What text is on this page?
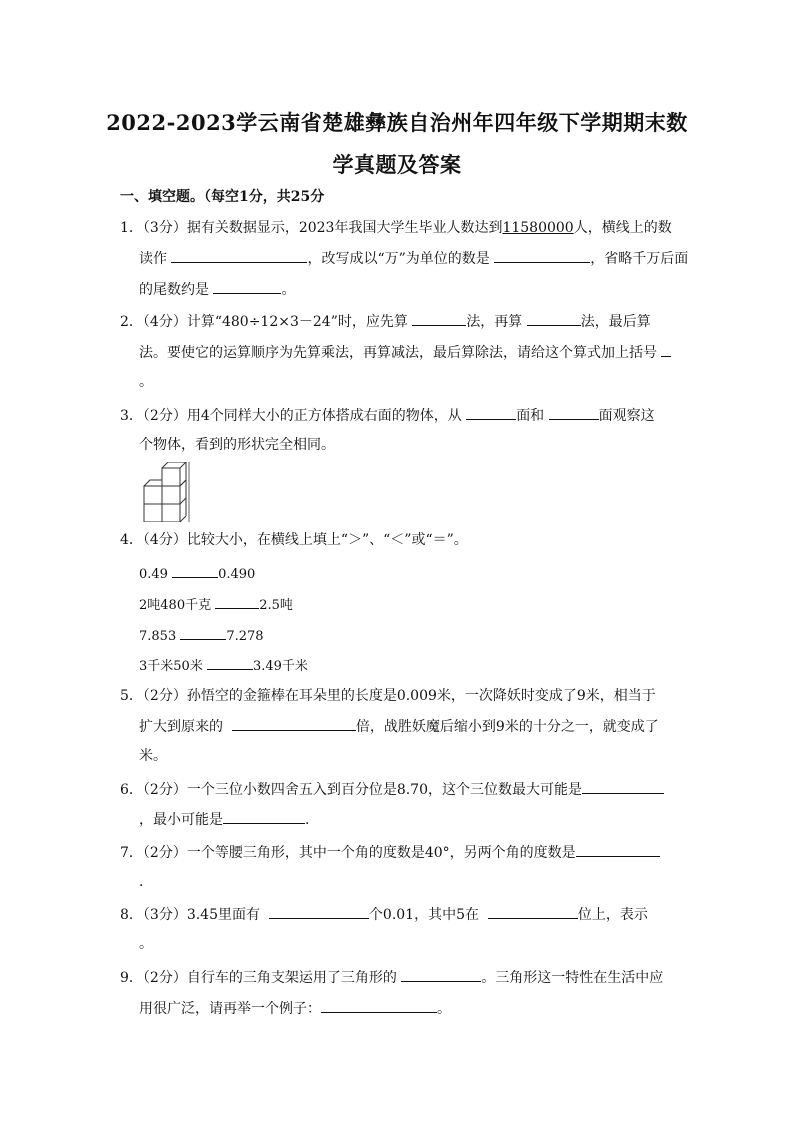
2022-2023学云南省楚雄彝族自治州年四年级下学期期末数
学真题及答案
一、填空题。（每空1分，共25分
1．（3分）据有关数据显示，2023年我国大学生毕业人数达到11580000人，横线上的数
读作	，改写成以“万”为单位的数是	，省略千万后面
的尾数约是	。
2．（4分）计算“480÷12×3－24”时，应先算	法，再算	法，最后算
法。要使它的运算顺序为先算乘法，再算减法，最后算除法，请给这个算式加上括号
。
3．（2分）用4个同样大小的正方体搭成右面的物体，从	面和	面观察这
个物体，看到的形状完全相同。
4．（4分）比较大小，在横线上填上“＞”、“＜”或“＝”。
0.49	0.490
2吨480千克	2.5吨
7.853	7.278
3千米50米	3.49千米
5．（2分）孙悟空的金箍棒在耳朵里的长度是0.009米，一次降妖时变成了9米，相当于
扩大到原来的	倍，战胜妖魔后缩小到9米的十分之一，就变成了
米。
6．（2分）一个三位小数四舍五入到百分位是8.70，这个三位数最大可能是
，最小可能是	.
7．（2分）一个等腰三角形，其中一个角的度数是40°，另两个角的度数是
.
8．（3分）3.45里面有	个0.01，其中5在	位上，表示
。
9．（2分）自行车的三角支架运用了三角形的	。三角形这一特性在生活中应
用很广泛，请再举一个例子：	。
